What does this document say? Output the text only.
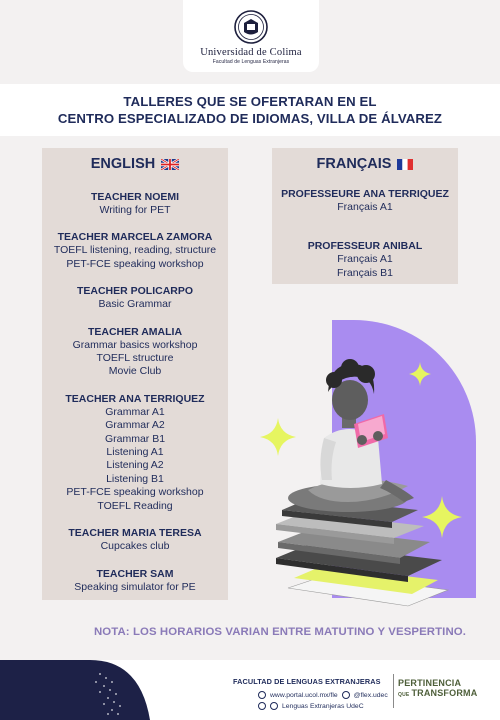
Universidad de Colima
Facultad de Lenguas Extranjeras
TALLERES QUE SE OFERTARAN EN EL
CENTRO ESPECIALIZADO DE IDIOMAS, VILLA DE ÁLVAREZ
ENGLISH
TEACHER NOEMI
Writing for PET
TEACHER MARCELA ZAMORA
TOEFL listening, reading, structure
PET-FCE speaking workshop
TEACHER POLICARPO
Basic Grammar
TEACHER AMALIA
Grammar basics workshop
TOEFL structure
Movie Club
TEACHER ANA TERRIQUEZ
Grammar A1
Grammar A2
Grammar B1
Listening A1
Listening A2
Listening B1
PET-FCE speaking workshop
TOEFL Reading
TEACHER MARIA TERESA
Cupcakes club
TEACHER SAM
Speaking simulator for PE
FRANÇAIS
PROFESSEURE ANA TERRIQUEZ
Français A1
PROFESSEUR ANIBAL
Français A1
Français B1
NOTA: LOS HORARIOS VARIAN ENTRE MATUTINO Y VESPERTINO.
FACULTAD DE LENGUAS EXTRANJERAS
www.portal.ucol.mx/fle @flex.udec
Lenguas Extranjeras UdeC
PERTINENCIA
QUE TRANSFORMA
